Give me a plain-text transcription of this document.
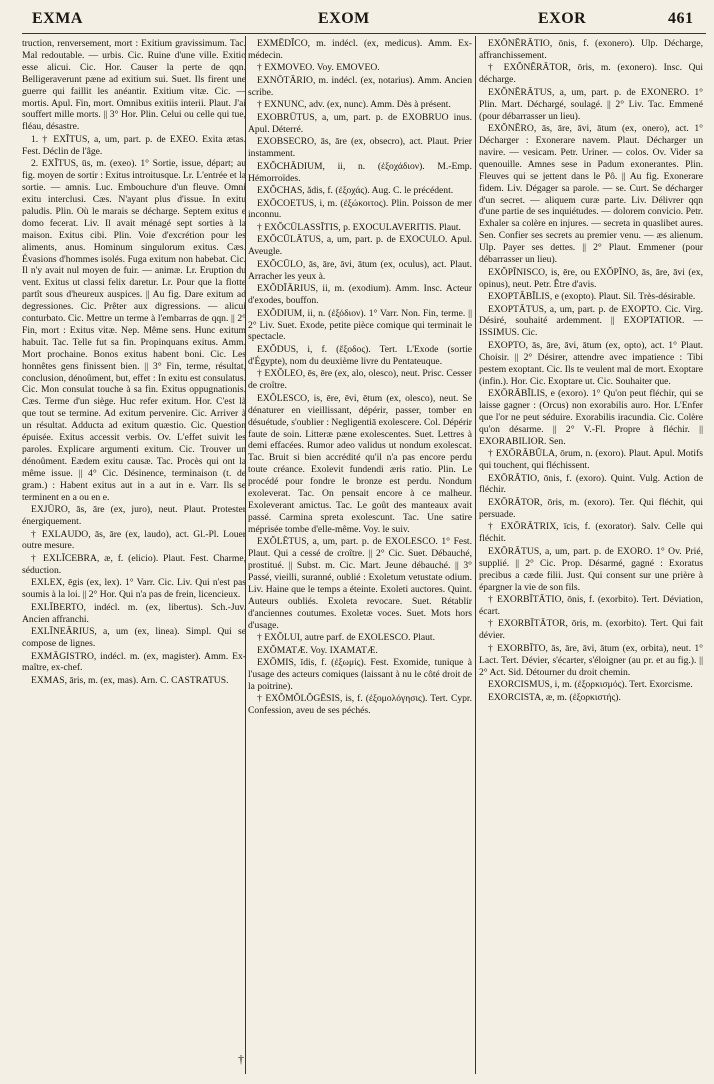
EXMA	EXOM	EXOR	461

truction, renversement, mort : Exitium gravissimum. Tac. Mal redoutable. — urbis. Cic. Ruine d'une ville. Exitio esse alicui. Cic. Hor. Causer la perte de qqn. Belligeraverunt pæne ad exitium sui. Suet. Ils firent une guerre qui faillit les anéantir. Exitium vitæ. Cic. — mortis. Apul. Fin, mort. Omnibus exitiis interii. Plaut. J'ai souffert mille morts. || 3° Hor. Plin. Celui ou celle qui tue, fléau, désastre.

1. † EXĬTUS, a, um, part. p. de EXEO. Exita ætas. Fest. Déclin de l'âge.

2. EXĬTUS, ūs, m. (exeo). 1° Sortie, issue, départ; au fig. moyen de sortir : Exitus introitusque. Lr. L'entrée et la sortie. — amnis. Luc. Embouchure d'un fleuve. Omni exitu interclusi. Cæs. N'ayant plus d'issue. In exitu paludis. Plin. Où le marais se décharge. Septem exitus e domo fecerat. Liv. Il avait ménagé sept sorties à la maison. Exitus cibi. Plin. Voie d'excrétion pour les aliments, anus. Hominum singulorum exitus. Cæs. Évasions d'hommes isolés. Fuga exitum non habebat. Cic. Il n'y avait nul moyen de fuir. — animæ. Lr. Eruption du vent. Exitus ut classi felix daretur. Lr. Pour que la flotte partît sous d'heureux auspices. || Au fig. Dare exitum ad degressiones. Cic. Prêter aux digressions. — alicui conturbato. Cic. Mettre un terme à l'embarras de qqn. || 2° Fin, mort : Exitus vitæ. Nep. Même sens. Hunc exitum habuit. Tac. Telle fut sa fin. Propinquans exitus. Amm. Mort prochaine. Bonos exitus habent boni. Cic. Les honnêtes gens finissent bien. || 3° Fin, terme, résultat, conclusion, dénoûment, but, effet : In exitu est consulatus. Cic. Mon consulat touche à sa fin. Exitus oppugnationis. Cæs. Terme d'un siège. Huc refer exitum. Hor. C'est là que tout se termine. Ad exitum pervenire. Cic. Arriver à un résultat. Adducta ad exitum quæstio. Cic. Question épuisée. Exitus accessit verbis. Ov. L'effet suivit les paroles. Explicare argumenti exitum. Cic. Trouver un dénoûment. Eædem exitu causæ. Tac. Procès qui ont la même issue. || 4° Cic. Désinence, terminaison (t. de gram.) : Habent exitus aut in a aut in e. Varr. Ils se terminent en a ou en e.

EXJŪRO, ās, āre (ex, juro), neut. Plaut. Protester énergiquement.

† EXLAUDO, ās, āre (ex, laudo), act. Gl.-Pl. Louer outre mesure.

† EXLĪCEBRA, æ, f. (elicio). Plaut. Fest. Charme, séduction.

EXLEX, ēgis (ex, lex). 1° Varr. Cic. Liv. Qui n'est pas soumis à la loi. || 2° Hor. Qui n'a pas de frein, licencieux.

EXLĪBERTO, indécl. m. (ex, libertus). Sch.-Juv. Ancien affranchi.

EXLĪNEĀRIUS, a, um (ex, linea). Simpl. Qui se compose de lignes.

EXMĀGISTRO, indécl. m. (ex, magister). Amm. Ex-maître, ex-chef.

EXMAS, āris, m. (ex, mas). Arn. C. CASTRATUS.

EXMĒDĬCO, m. indécl. (ex, medicus). Amm. Ex-médecin.

† EXMOVEO. Voy. EMOVEO.

EXNŌTĀRIO, m. indécl. (ex, notarius). Amm. Ancien scribe.

† EXNUNC, adv. (ex, nunc). Amm. Dès à présent.

EXOBRŪTUS, a, um, part. p. de EXOBRUO inus. Apul. Déterré.

EXOBSECRO, ās, āre (ex, obsecro), act. Plaut. Prier instamment.

EXŎCHĀDIUM, ii, n. (ἐξοχάδιον). M.-Emp. Hémorroïdes.

EXŎCHAS, ădis, f. (ἐξοχάς). Aug. C. le précédent.

EXŌCOETUS, i, m. (ἐξώκοιτος). Plin. Poisson de mer inconnu.

† EXŎCŪLASSĬTIS, p. EXOCULAVERITIS. Plaut.

EXŎCŪLĀTUS, a, um, part. p. de EXOCULO. Apul. Aveugle.

EXŎCŪLO, ās, āre, āvi, ātum (ex, oculus), act. Plaut. Arracher les yeux à.

EXŎDĬĀRIUS, ii, m. (exodium). Amm. Insc. Acteur d'exodes, bouffon.

EXŎDIUM, ii, n. (ἐξόδιον). 1° Varr. Non. Fin, terme. || 2° Liv. Suet. Exode, petite pièce comique qui terminait le spectacle.

EXŎDUS, i, f. (ἔξοδος). Tert. L'Exode (sortie d'Égypte), nom du deuxième livre du Pentateuque.

† EXŎLEO, ēs, ēre (ex, alo, olesco), neut. Prisc. Cesser de croître.

EXŎLESCO, is, ēre, ēvi, ētum (ex, olesco), neut. Se dénaturer en vieillissant, dépérir, passer, tomber en désuétude, s'oublier : Negligentiā exolescere. Col. Dépérir faute de soin. Litteræ pæne exolescentes. Suet. Lettres à demi effacées. Rumor adeo validus ut nondum exolescat. Tac. Bruit si bien accrédité qu'il n'a pas encore perdu toute créance. Exolevit fundendi æris ratio. Plin. Le procédé pour fondre le bronze est perdu. Nondum exoleverat. Tac. On pensait encore à ce malheur. Exoleverant amictus. Tac. Le goût des manteaux avait passé. Carmina spreta exolescunt. Tac. Une satire méprisée tombe d'elle-même. Voy. le suiv.

EXŎLĒTUS, a, um, part. p. de EXOLESCO. 1° Fest. Plaut. Qui a cessé de croître. || 2° Cic. Suet. Débauché, prostitué. || Subst. m. Cic. Mart. Jeune débauché. || 3° Passé, vieilli, suranné, oublié : Exoletum vetustate odium. Liv. Haine que le temps a éteinte. Exoleti auctores. Quint. Auteurs oubliés. Exoleta revocare. Suet. Rétablir d'anciennes coutumes. Exoletæ voces. Suet. Mots hors d'usage.

† EXŎLUI, autre parf. de EXOLESCO. Plaut.

EXŎMATÆ. Voy. IXAMATÆ.

EXŌMIS, ĭdis, f. (ἐξωμίς). Fest. Exomide, tunique à l'usage des acteurs comiques (laissant à nu le côté droit de la poitrine).

† EXŎMŎLŎGĒSIS, is, f. (ἐξομολόγησις). Tert. Cypr. Confession, aveu de ses péchés.

EXŎNĔRĀTIO, ōnis, f. (exonero). Ulp. Décharge, affranchissement.

† EXŎNĔRĀTOR, ōris, m. (exonero). Insc. Qui décharge.

EXŎNĔRĀTUS, a, um, part. p. de EXONERO. 1° Plin. Mart. Déchargé, soulagé. || 2° Liv. Tac. Emmené (pour débarrasser un lieu).

EXŎNĔRO, ās, āre, āvi, ātum (ex, onero), act. 1° Décharger : Exonerare navem. Plaut. Décharger un navire. — vesicam. Petr. Uriner. — colos. Ov. Vider sa quenouille. Amnes sese in Padum exonerantes. Plin. Fleuves qui se jettent dans le Pô. || Au fig. Exonerare fidem. Liv. Dégager sa parole. — se. Curt. Se décharger d'un secret. — aliquem curæ parte. Liv. Délivrer qqn d'une partie de ses inquiétudes. — dolorem convicio. Petr. Exhaler sa colère en injures. — secreta in quaslibet aures. Sen. Confier ses secrets au premier venu. — æs alienum. Ulp. Payer ses dettes. || 2° Plaut. Emmener (pour débarrasser un lieu).

EXŎPĪNISCO, is, ēre, ou EXŎPĪNO, ās, āre, āvi (ex, opinus), neut. Petr. Être d'avis.

EXOPTĀBĬLIS, e (exopto). Plaut. Sil. Très-désirable.

EXOPTĀTUS, a, um, part. p. de EXOPTO. Cic. Virg. Désiré, souhaité ardemment. || EXOPTATIOR. — ISSIMUS. Cic.

EXOPTO, ās, āre, āvi, ātum (ex, opto), act. 1° Plaut. Choisir. || 2° Désirer, attendre avec impatience : Tibi pestem exoptant. Cic. Ils te veulent mal de mort. Exoptare (infin.). Hor. Cic. Exoptare ut. Cic. Souhaiter que.

EXŌRĀBĬLIS, e (exoro). 1° Qu'on peut fléchir, qui se laisse gagner : (Orcus) non exorabilis auro. Hor. L'Enfer que l'or ne peut séduire. Exorabilis iracundia. Cic. Colère qu'on désarme. || 2° V.-Fl. Propre à fléchir. || EXORABILIOR. Sen.

† EXŌRĀBŬLA, ōrum, n. (exoro). Plaut. Apul. Motifs qui touchent, qui fléchissent.

EXŌRĀTIO, ōnis, f. (exoro). Quint. Vulg. Action de fléchir.

EXŌRĀTOR, ōris, m. (exoro). Ter. Qui fléchit, qui persuade.

† EXŌRĀTRIX, īcis, f. (exorator). Salv. Celle qui fléchit.

EXŌRĀTUS, a, um, part. p. de EXORO. 1° Ov. Prié, supplié. || 2° Cic. Prop. Désarmé, gagné : Exoratus precibus a cæde filii. Just. Qui consent sur une prière à épargner la vie de son fils.

† EXORBĪTĀTIO, ōnis, f. (exorbito). Tert. Déviation, écart.

† EXORBĪTĀTOR, ōris, m. (exorbito). Tert. Qui fait dévier.

† EXORBĪTO, ās, āre, āvi, ātum (ex, orbita), neut. 1° Lact. Tert. Dévier, s'écarter, s'éloigner (au pr. et au fig.). || 2° Act. Sid. Détourner du droit chemin.

EXORCISMUS, i, m. (ἐξορκισμός). Tert. Exorcisme.

EXORCISTA, æ, m. (ἐξορκιστής).

†
